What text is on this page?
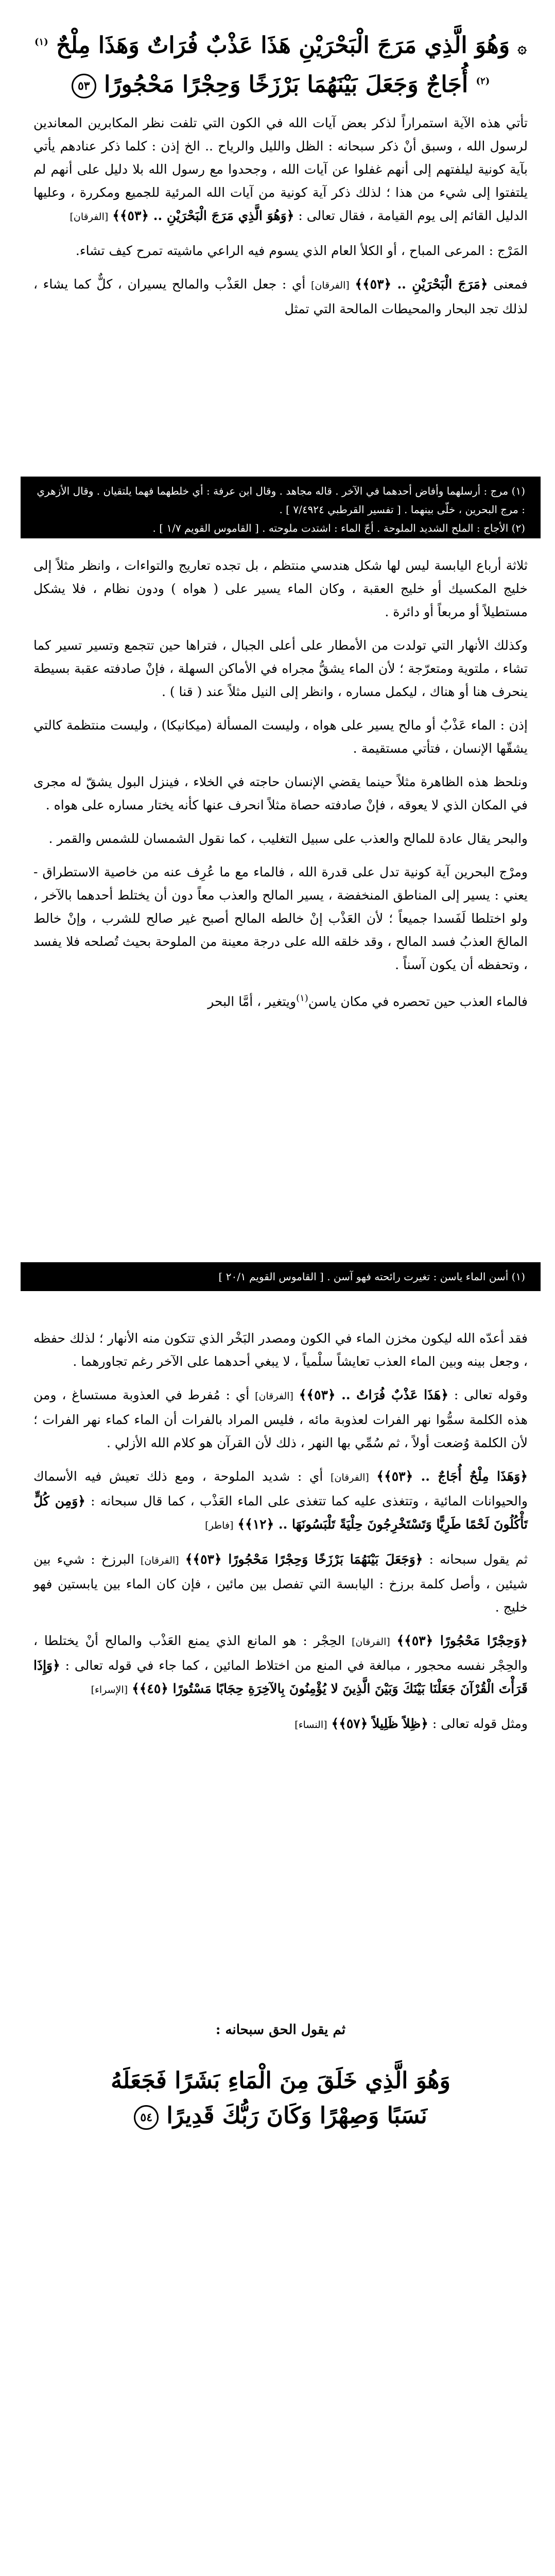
۞ وَهُوَ الَّذِي مَرَجَ الْبَحْرَيْنِ هَذَا عَذْبٌ فُرَاتٌ وَهَذَا مِلْحٌ $^{(١)}$
$^{(٢)}$ أُجَاجٌ وَجَعَلَ بَيْنَهُمَا بَرْزَخًا وَحِجْرًا مَحْجُورًا ٥٣

تأتي هذه الآية استمراراً لذكر بعض آيات الله في الكون التي تلفت نظر المكابرين المعاندين لرسول الله ، وسبق أنْ ذكر سبحانه : الظل والليل والرياح .. الخ إذن : كلما ذكر عنادهم يأتي بآية كونية ليلفتهم إلى أنهم غفلوا عن آيات الله ، وجحدوا مع رسول الله بلا دليل على أنهم لم يلتفتوا إلى شيء من هذا ؛ لذلك ذكر آية كونية من آيات الله المرئية للجميع ومكررة ، وعليها الدليل القائم إلى يوم القيامة ، فقال تعالى : ﴿وَهُوَ الَّذِي مَرَجَ الْبَحْرَيْنِ .. ﴿٥٣﴾﴾ [الفرقان]

المَرْج : المرعى المباح ، أو الكلأ العام الذي يسوم فيه الراعي ماشيته تمرح كيف تشاء.

فمعنى ﴿مَرَجَ الْبَحْرَيْنِ .. ﴿٥٣﴾﴾ [الفرقان] أي : جعل العَذْب والمالح يسيران ، كلٌّ كما يشاء ، لذلك تجد البحار والمحيطات المالحة التي تمثل

(١) مرج : أرسلهما وأفاض أحدهما في الآخر . قاله مجاهد . وقال ابن عرفة : أي خلطهما فهما يلتقيان . وقال الأزهري : مرج البحرين ، خلّى بينهما . [ تفسير القرطبي ٧/٤٩٢٤ ] .
(٢) الأجاج : الملح الشديد الملوحة . أجّ الماء : اشتدت ملوحته . [ القاموس القويم ١/٧ ] .

ثلاثة أرباع اليابسة ليس لها شكل هندسي منتظم ، بل تجده تعاريج والتواءات ، وانظر مثلاً إلى خليج المكسيك أو خليج العقبة ، وكان الماء يسير على ( هواه ) ودون نظام ، فلا يشكل مستطيلاً أو مربعاً أو دائرة .

وكذلك الأنهار التي تولدت من الأمطار على أعلى الجبال ، فتراها حين تتجمع وتسير تسير كما تشاء ، ملتوية ومتعرّجة ؛ لأن الماء يشقُّ مجراه في الأماكن السهلة ، فإنْ صادفته عقبة بسيطة ينحرف هنا أو هناك ، ليكمل مساره ، وانظر إلى النيل مثلاً عند ( قنا ) .

إذن : الماء عَذْبٌ أو مالح يسير على هواه ، وليست المسألة (ميكانيكا) ، وليست منتظمة كالتي يشقّها الإنسان ، فتأتي مستقيمة .

ونلحظ هذه الظاهرة مثلاً حينما يقضي الإنسان حاجته في الخلاء ، فينزل البول يشقّ له مجرى في المكان الذي لا يعوقه ، فإنْ صادفته حصاة مثلاً انحرف عنها كأنه يختار مساره على هواه .

والبحر يقال عادة للمالح والعذب على سبيل التغليب ، كما نقول الشمسان للشمس والقمر .

ومرْج البحرين آية كونية تدل على قدرة الله ، فالماء مع ما عُرِف عنه من خاصية الاستطراق - يعني : يسير إلى المناطق المنخفضة ، يسير المالح والعذب معاً دون أن يختلط أحدهما بالآخر ، ولو اختلطا لَفَسدا جميعاً ؛ لأن العَذْب إنْ خالطه المالح أصبح غير صالح للشرب ، وإنْ خالط المالحَ العذبُ فسد المالح ، وقد خلقه الله على درجة معينة من الملوحة بحيث تُصلحه فلا يفسد ، وتحفظه أن يكون آسناً .

فالماء العذب حين تحصره في مكان ياسن$^{(١)}$ويتغير ، أمَّا البحر

(١) أسن الماء ياسن : تغيرت رائحته فهو آسن . [ القاموس القويم ٢٠/١ ]

فقد أعدّه الله ليكون مخزن الماء في الكون ومصدر البَخْر الذي تتكون منه الأنهار ؛ لذلك حفظه ، وجعل بينه وبين الماء العذب تعايشاً سلْمياً ، لا يبغي أحدهما على الآخر رغم تجاورهما .

وقوله تعالى : ﴿هَذَا عَذْبٌ فُرَاتٌ .. ﴿٥٣﴾﴾ [الفرقان] أي : مُفرط في العذوبة مستساغ ، ومن هذه الكلمة سمُّوا نهر الفرات لعذوبة مائه ، فليس المراد بالفرات أن الماء كماء نهر الفرات ؛ لأن الكلمة وُضعت أولاً ، ثم سُمِّي بها النهر ، ذلك لأن القرآن هو كلام الله الأزلي .

﴿وَهَذَا مِلْحٌ أُجَاجٌ .. ﴿٥٣﴾﴾ [الفرقان] أي : شديد الملوحة ، ومع ذلك تعيش فيه الأسماك والحيوانات المائية ، وتتغذى عليه كما تتغذى على الماء العَذْب ، كما قال سبحانه : ﴿وَمِن كُلٍّ تَأْكُلُونَ لَحْمًا طَرِيًّا وَتَسْتَخْرِجُونَ حِلْيَةً تَلْبَسُونَهَا .. ﴿١٢﴾﴾ [فاطر]

ثم يقول سبحانه : ﴿وَجَعَلَ بَيْنَهُمَا بَرْزَخًا وَحِجْرًا مَحْجُورًا ﴿٥٣﴾﴾ [الفرقان] البرزخ : شيء بين شيئين ، وأصل كلمة برزخ : اليابسة التي تفصل بين مائين ، فإن كان الماء بين يابستين فهو خليج .

﴿وَحِجْرًا مَحْجُورًا ﴿٥٣﴾﴾ [الفرقان] الحِجْر : هو المانع الذي يمنع العَذْب والمالح أنْ يختلطا ، والحِجْر نفسه محجور ، مبالغة في المنع من اختلاط المائين ، كما جاء في قوله تعالى : ﴿وَإِذَا قَرَأْتَ الْقُرْآنَ جَعَلْنَا بَيْنَكَ وَبَيْنَ الَّذِينَ لا يُؤْمِنُونَ بِالآخِرَةِ حِجَابًا مَسْتُورًا ﴿٤٥﴾﴾ [الإسراء]

ومثل قوله تعالى : ﴿ظِلاً ظَلِيلاً ﴿٥٧﴾﴾ [النساء]

ثم يقول الحق سبحانه :
وَهُوَ الَّذِي خَلَقَ مِنَ الْمَاءِ بَشَرًا فَجَعَلَهُ
نَسَبًا وَصِهْرًا وَكَانَ رَبُّكَ قَدِيرًا ٥٤
